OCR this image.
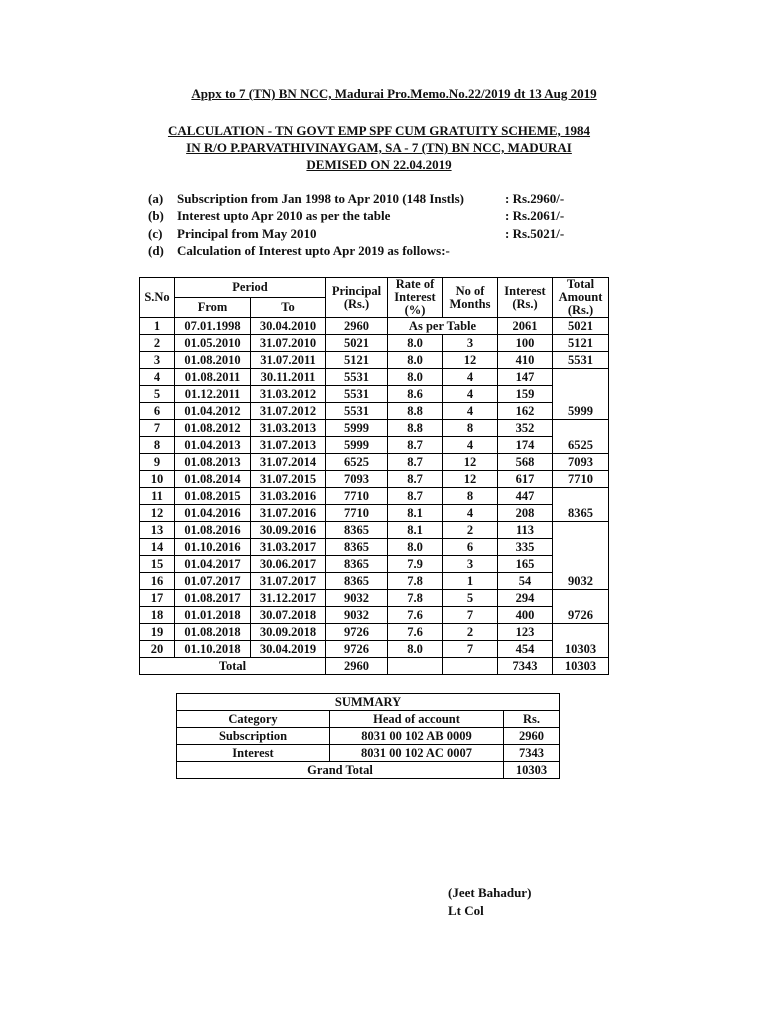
Appx to 7 (TN) BN NCC, Madurai Pro.Memo.No.22/2019 dt 13 Aug 2019
CALCULATION - TN GOVT EMP SPF CUM GRATUITY SCHEME, 1984
IN R/O P.PARVATHIVINAYGAM, SA - 7 (TN) BN NCC, MADURAI
DEMISED ON 22.04.2019
(a) Subscription from Jan 1998 to Apr 2010 (148 Instls)	: Rs.2960/-
(b) Interest upto Apr 2010 as per the table	: Rs.2061/-
(c) Principal from May 2010	: Rs.5021/-
(d) Calculation of Interest upto Apr 2019 as follows:-
S.No	Period		Principal (Rs.)	Rate of Interest (%)	No of Months	Interest (Rs.)	Total Amount (Rs.)
	From	To					
1	07.01.1998	30.04.2010	2960	As per Table		2061	5021
2	01.05.2010	31.07.2010	5021	8.0	3	100	5121
3	01.08.2010	31.07.2011	5121	8.0	12	410	5531
4	01.08.2011	30.11.2011	5531	8.0	4	147	
5	01.12.2011	31.03.2012	5531	8.6	4	159	
6	01.04.2012	31.07.2012	5531	8.8	4	162	5999
7	01.08.2012	31.03.2013	5999	8.8	8	352	
8	01.04.2013	31.07.2013	5999	8.7	4	174	6525
9	01.08.2013	31.07.2014	6525	8.7	12	568	7093
10	01.08.2014	31.07.2015	7093	8.7	12	617	7710
11	01.08.2015	31.03.2016	7710	8.7	8	447	
12	01.04.2016	31.07.2016	7710	8.1	4	208	8365
13	01.08.2016	30.09.2016	8365	8.1	2	113	
14	01.10.2016	31.03.2017	8365	8.0	6	335	
15	01.04.2017	30.06.2017	8365	7.9	3	165	
16	01.07.2017	31.07.2017	8365	7.8	1	54	9032
17	01.08.2017	31.12.2017	9032	7.8	5	294	
18	01.01.2018	30.07.2018	9032	7.6	7	400	9726
19	01.08.2018	30.09.2018	9726	7.6	2	123	
20	01.10.2018	30.04.2019	9726	8.0	7	454	10303
Total			2960			7343	10303
SUMMARY		
Category	Head of account	Rs.
Subscription	8031 00 102 AB 0009	2960
Interest	8031 00 102 AC 0007	7343
Grand Total		10303
(Jeet Bahadur)
Lt Col
